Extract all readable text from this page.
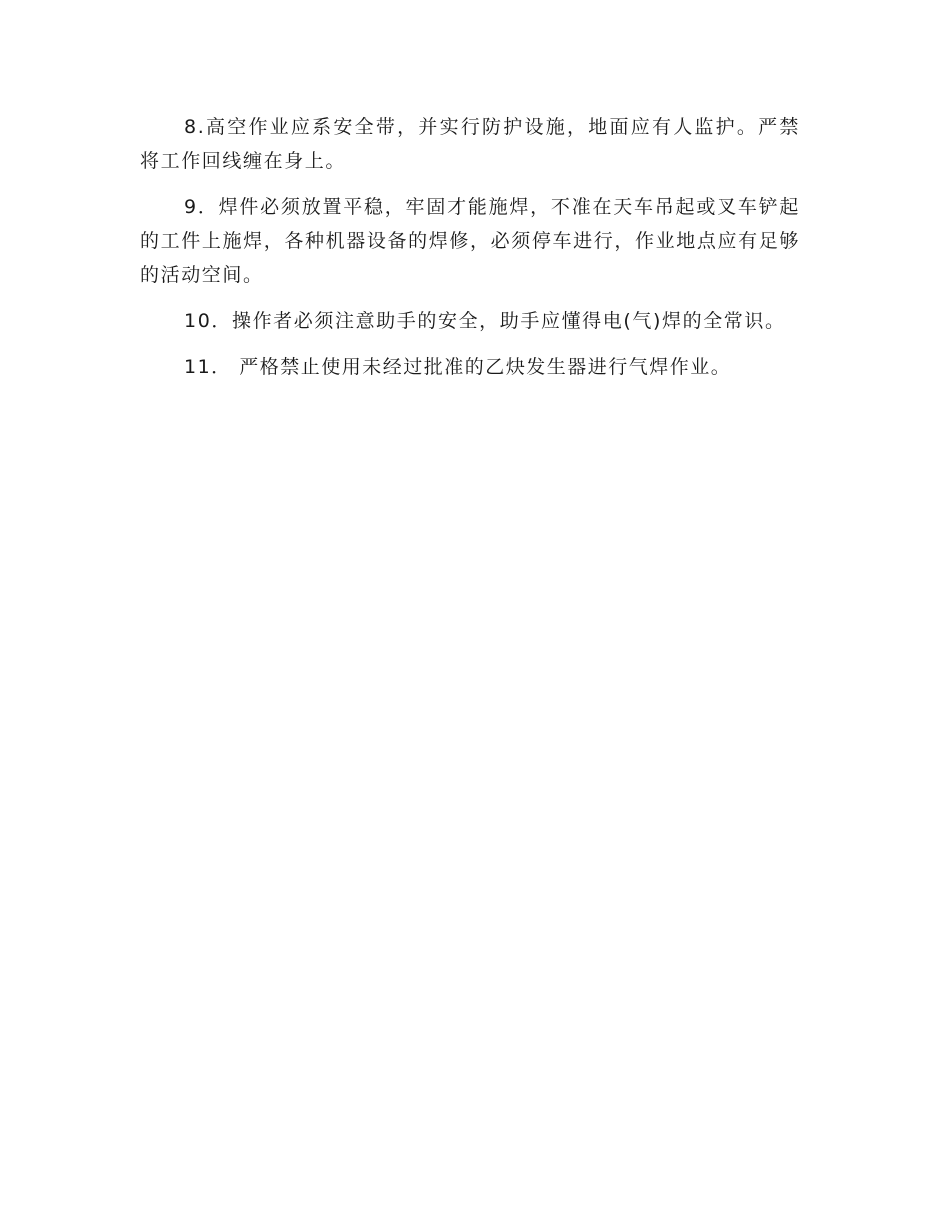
8.高空作业应系安全带，并实行防护设施，地面应有人监护。严禁将工作回线缠在身上。

9．焊件必须放置平稳，牢固才能施焊，不准在天车吊起或叉车铲起的工件上施焊，各种机器设备的焊修，必须停车进行，作业地点应有足够的活动空间。

10．操作者必须注意助手的安全，助手应懂得电(气)焊的全常识。

11． 严格禁止使用未经过批准的乙炔发生器进行气焊作业。
